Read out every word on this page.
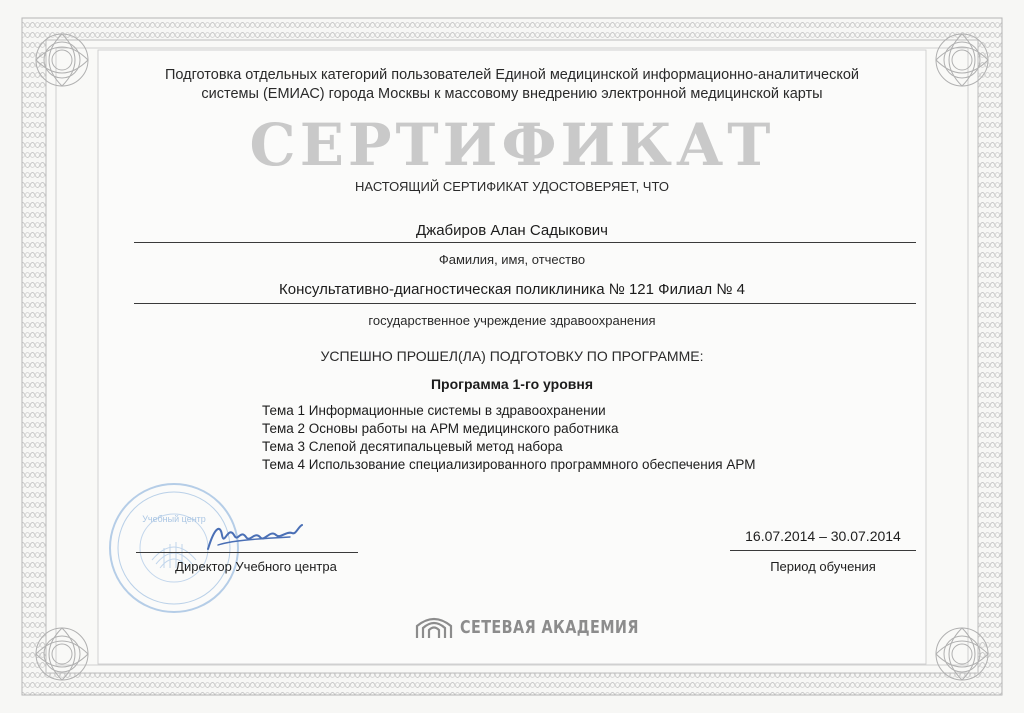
Подготовка отдельных категорий пользователей Единой медицинской информационно-аналитической
системы (ЕМИАС) города Москвы к массовому внедрению электронной медицинской карты
СЕРТИФИКАТ
НАСТОЯЩИЙ СЕРТИФИКАТ УДОСТОВЕРЯЕТ, ЧТО
Джабиров Алан Садыкович
Фамилия, имя, отчество
Консультативно-диагностическая поликлиника № 121 Филиал № 4
государственное учреждение здравоохранения
УСПЕШНО ПРОШЕЛ(ЛА) ПОДГОТОВКУ ПО ПРОГРАММЕ:
Программа 1-го уровня
Тема 1 Информационные системы в здравоохранении
Тема 2 Основы работы на АРМ медицинского работника
Тема 3 Слепой десятипальцевый метод набора
Тема 4 Использование специализированного программного обеспечения АРМ
Учебный центр
Директор Учебного центра
16.07.2014 – 30.07.2014
Период обучения
СЕТЕВАЯ АКАДЕМИЯ
